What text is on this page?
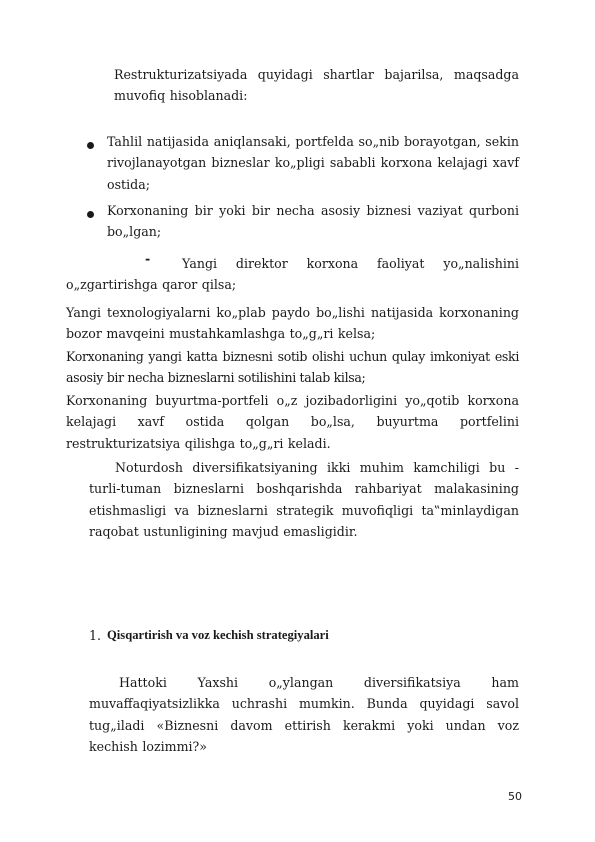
Restrukturizatsiyada quyidagi shartlar bajarilsa, maqsadga muvofiq hisoblanadi:

Tahlil natijasida aniqlansaki, portfelda so„nib borayotgan, sekin rivojlanayotgan bizneslar ko„pligi sababli korxona kelajagi xavf ostida;

Korxonaning bir yoki bir necha asosiy biznesi vaziyat qurboni bo„lgan;

-	Yangi direktor korxona faoliyat yo„nalishini o„zgartirishga qaror qilsa;

Yangi texnologiyalarni ko„plab paydo bo„lishi natijasida korxonaning bozor mavqeini mustahkamlashga to„g„ri kelsa;

Korxonaning yangi katta biznesni sotib olishi uchun qulay imkoniyat eski asosiy bir necha bizneslarni sotilishini talab kilsa;

Korxonaning buyurtma-portfeli o„z jozibadorligini yo„qotib korxona kelajagi xavf ostida qolgan bo„lsa, buyurtma portfelini restrukturizatsiya qilishga to„g„ri keladi.

Noturdosh diversifikatsiyaning ikki muhim kamchiligi bu - turli-tuman bizneslarni boshqarishda rahbariyat malakasining etishmasligi va bizneslarni strategik muvofiqligi ta‟minlaydigan raqobat ustunligining mavjud emasligidir.

1. Qisqartirish va voz kechish strategiyalari

Hattoki Yaxshi o„ylangan diversifikatsiya ham muvaffaqiyatsizlikka uchrashi mumkin. Bunda quyidagi savol tug„iladi «Biznesni davom ettirish kerakmi yoki undan voz kechish lozimmi?»

50
